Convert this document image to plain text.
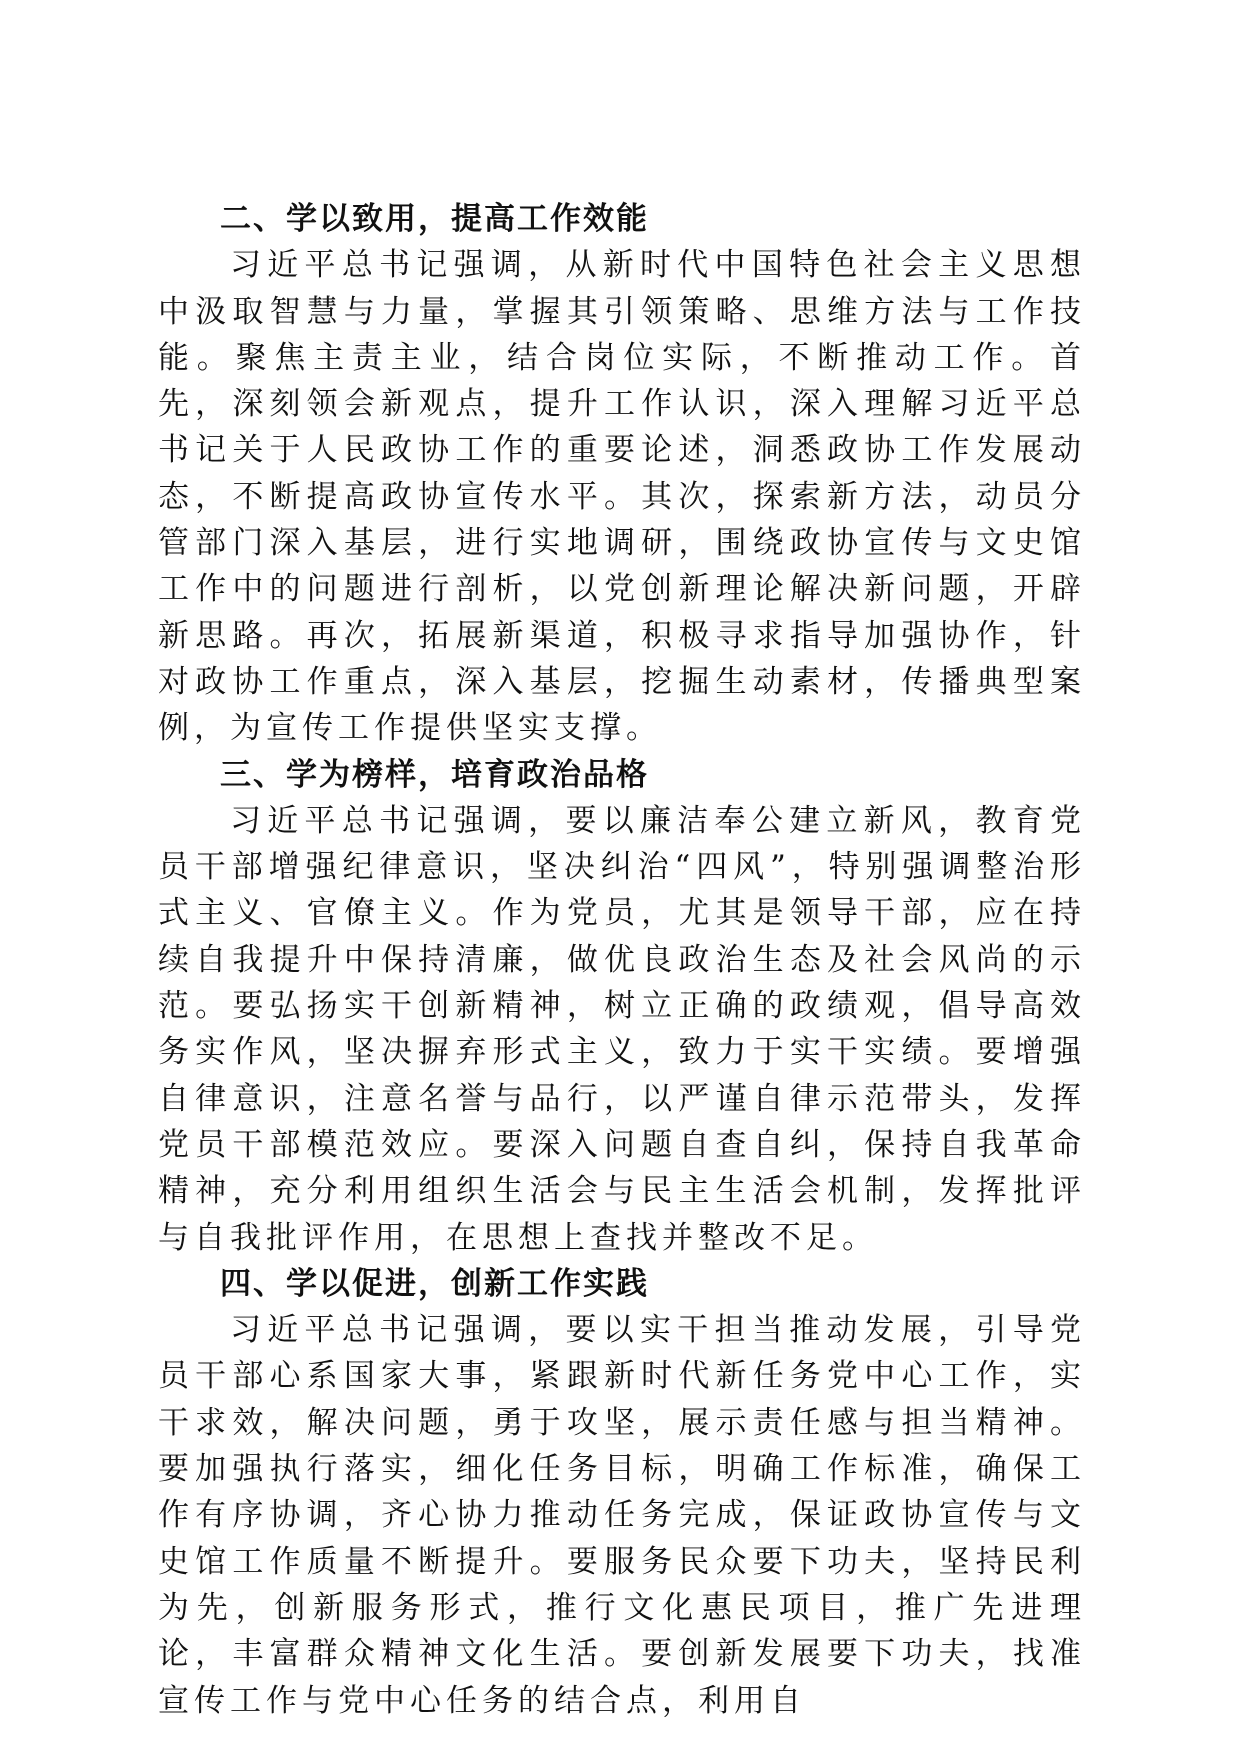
二、学以致用，提高工作效能

习近平总书记强调，从新时代中国特色社会主义思想中汲取智慧与力量，掌握其引领策略、思维方法与工作技能。聚焦主责主业，结合岗位实际，不断推动工作。首先，深刻领会新观点，提升工作认识，深入理解习近平总书记关于人民政协工作的重要论述，洞悉政协工作发展动态，不断提高政协宣传水平。其次，探索新方法，动员分管部门深入基层，进行实地调研，围绕政协宣传与文史馆工作中的问题进行剖析，以党创新理论解决新问题，开辟新思路。再次，拓展新渠道，积极寻求指导加强协作，针对政协工作重点，深入基层，挖掘生动素材，传播典型案例，为宣传工作提供坚实支撑。

三、学为榜样，培育政治品格

习近平总书记强调，要以廉洁奉公建立新风，教育党员干部增强纪律意识，坚决纠治“四风”，特别强调整治形式主义、官僚主义。作为党员，尤其是领导干部，应在持续自我提升中保持清廉，做优良政治生态及社会风尚的示范。要弘扬实干创新精神，树立正确的政绩观，倡导高效务实作风，坚决摒弃形式主义，致力于实干实绩。要增强自律意识，注意名誉与品行，以严谨自律示范带头，发挥党员干部模范效应。要深入问题自查自纠，保持自我革命精神，充分利用组织生活会与民主生活会机制，发挥批评与自我批评作用，在思想上查找并整改不足。

四、学以促进，创新工作实践

习近平总书记强调，要以实干担当推动发展，引导党员干部心系国家大事，紧跟新时代新任务党中心工作，实干求效，解决问题，勇于攻坚，展示责任感与担当精神。要加强执行落实，细化任务目标，明确工作标准，确保工作有序协调，齐心协力推动任务完成，保证政协宣传与文史馆工作质量不断提升。要服务民众要下功夫，坚持民利为先，创新服务形式，推行文化惠民项目，推广先进理论，丰富群众精神文化生活。要创新发展要下功夫，找准宣传工作与党中心任务的结合点，利用自
